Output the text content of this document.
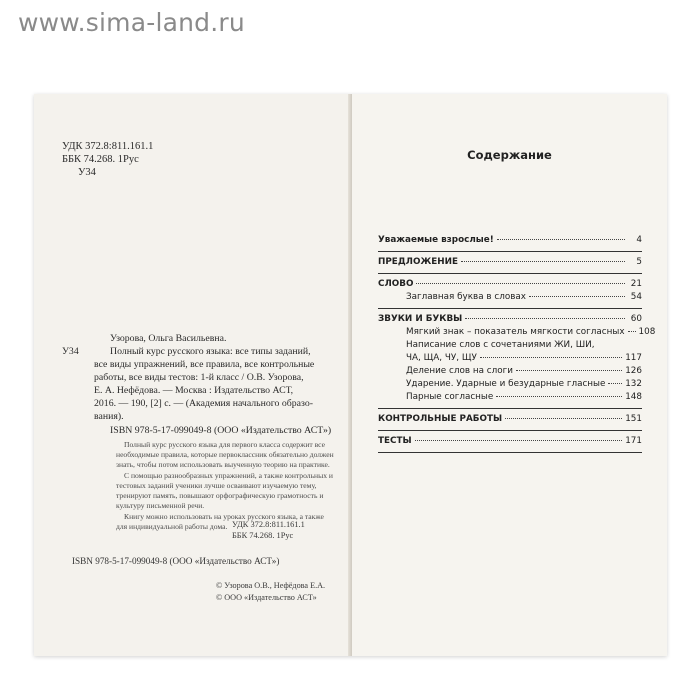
www.sima-land.ru
УДК 372.8:811.161.1
ББК 74.268. 1Рус
У34
Узорова, Ольга Васильевна.
У34	Полный курс русского языка: все типы заданий,
все виды упражнений, все правила, все контрольные
работы, все виды тестов: 1-й класс / О.В. Узорова,
Е. А. Нефёдова. — Москва : Издательство АСТ,
2016. — 190, [2] с. — (Академия начального образо-
вания).
ISBN 978-5-17-099049-8 (ООО «Издательство АСТ»)

Полный курс русского языка для первого класса содержит все необходимые правила, которые первоклассник обязательно должен знать, чтобы потом использовать выученную теорию на практике.

С помощью разнообразных упражнений, а также контрольных и тестовых заданий ученики лучше осваивают изучаемую тему, тренируют память, повышают орфографическую грамотность и культуру письменной речи.

Книгу можно использовать на уроках русского языка, а также для индивидуальной работы дома. УДК 372.8:811.161.1
ББК 74.268. 1Рус
ISBN 978-5-17-099049-8 (ООО «Издательство АСТ»)
© Узорова О.В., Нефёдова Е.А.
© ООО «Издательство АСТ»
Содержание
Уважаемые взрослые!	4
ПРЕДЛОЖЕНИЕ	5
СЛОВО	21
Заглавная буква в словах	54
ЗВУКИ И БУКВЫ	60
Мягкий знак – показатель мягкости согласных 108
Написание слов с сочетаниями ЖИ, ШИ,
ЧА, ЩА, ЧУ, ЩУ	117
Деление слов на слоги	126
Ударение. Ударные и безударные гласные 132
Парные согласные	148
КОНТРОЛЬНЫЕ РАБОТЫ	151
ТЕСТЫ	171
